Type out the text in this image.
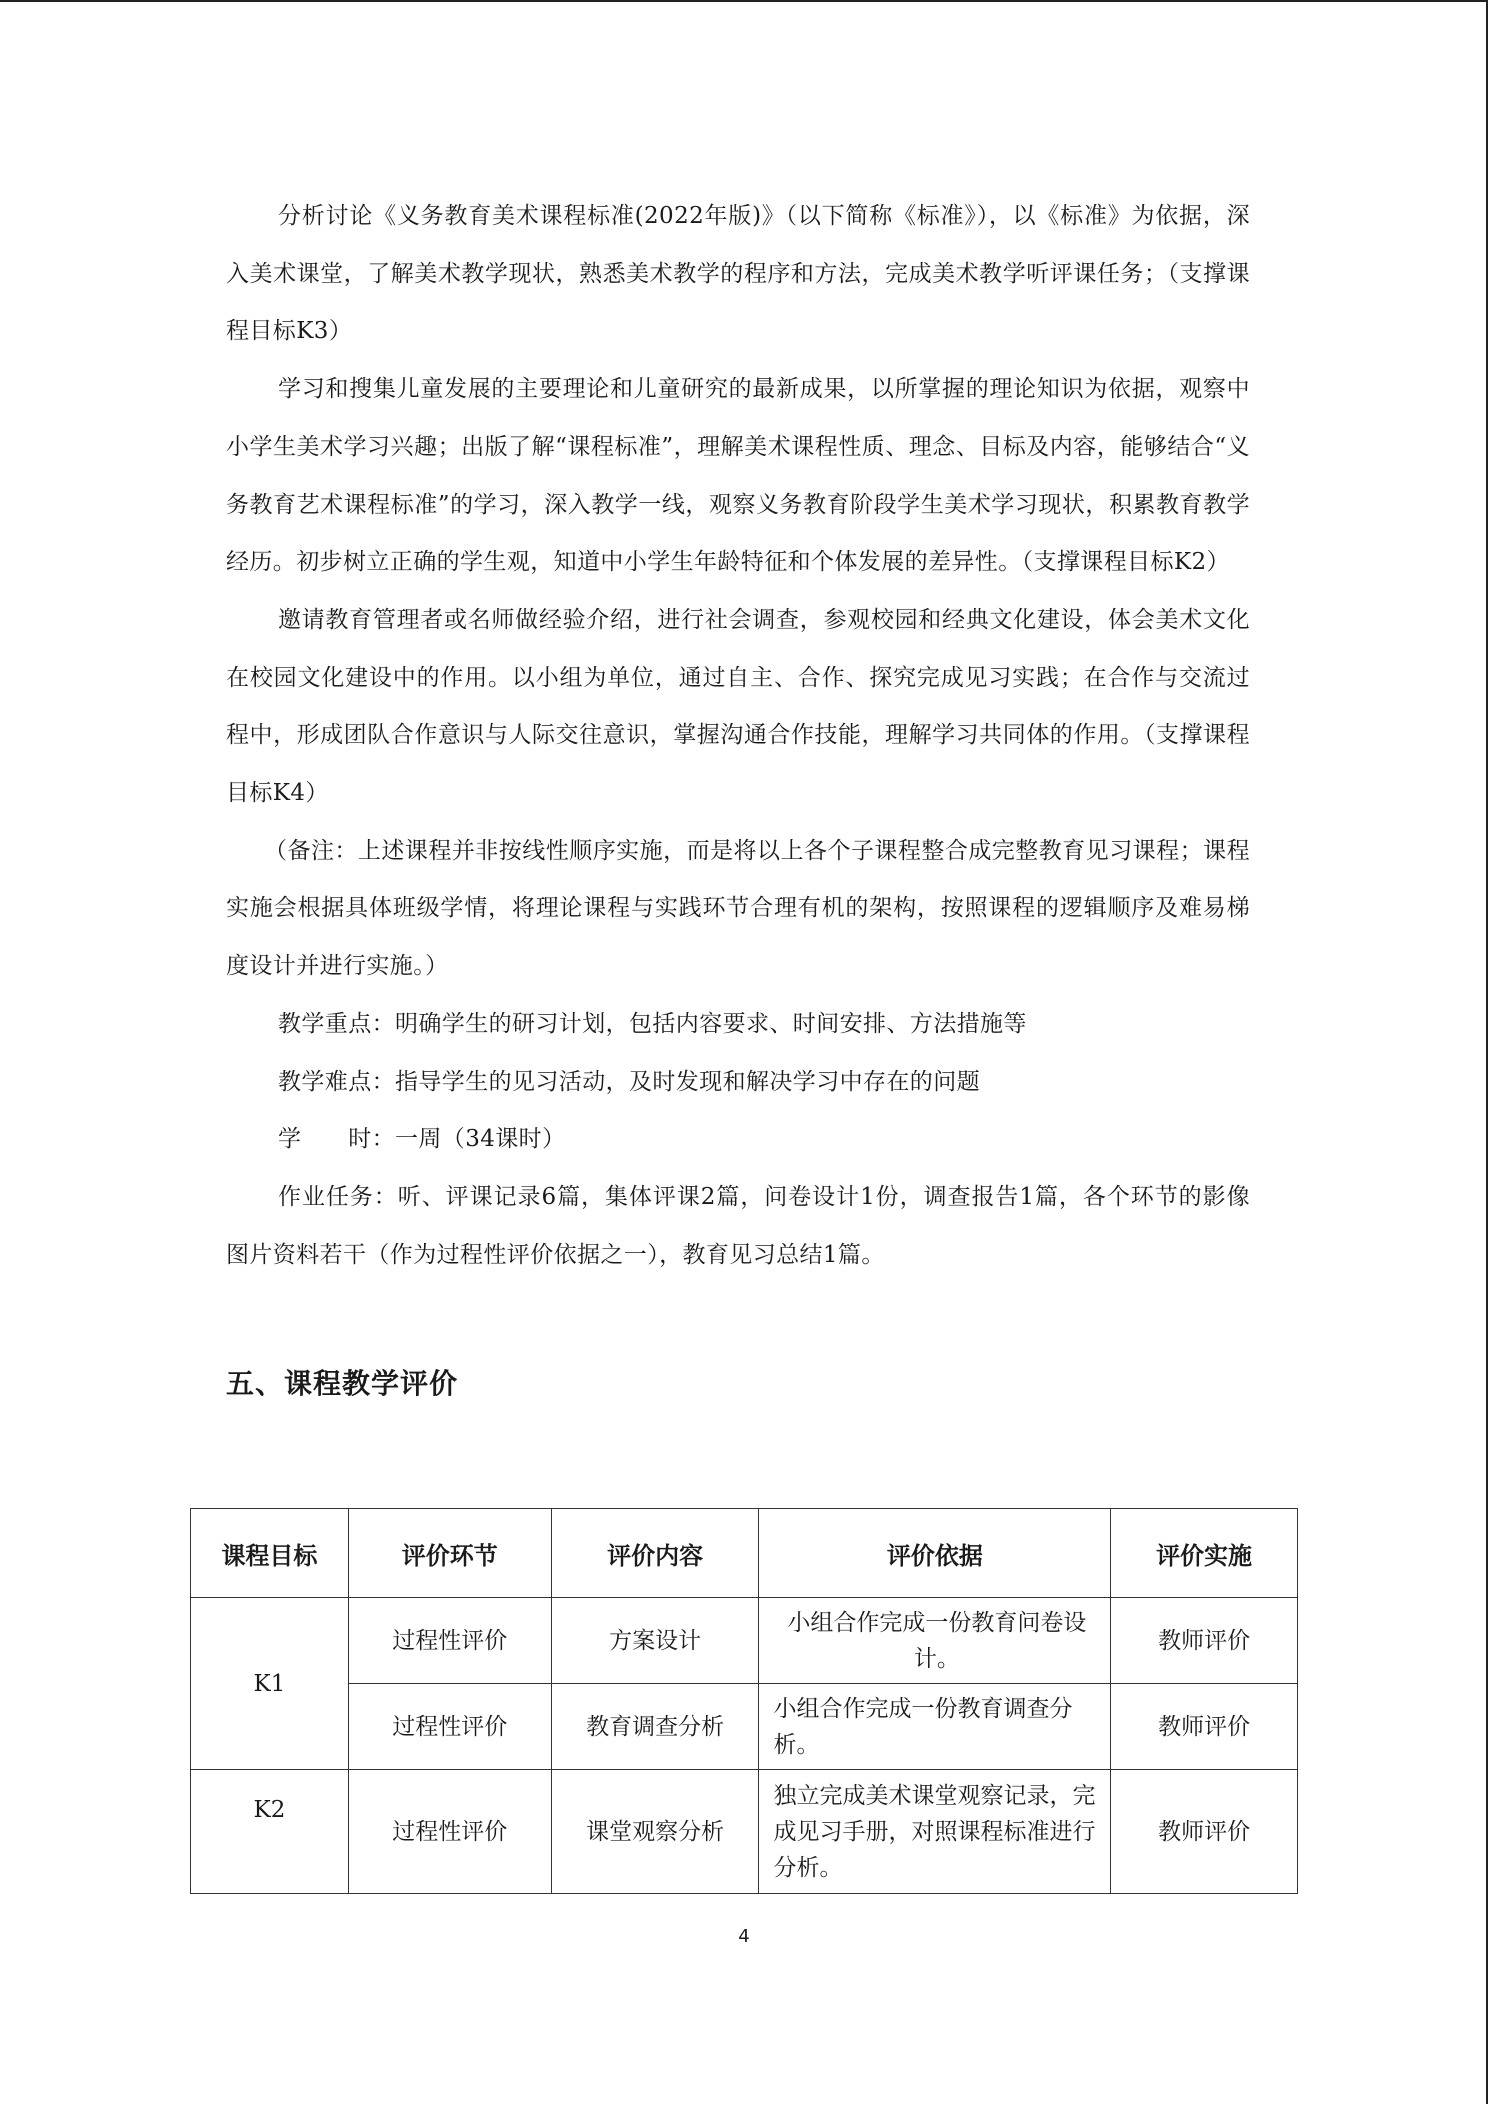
分析讨论《义务教育美术课程标准(2022年版)》（以下简称《标准》），以《标准》为依据，深入美术课堂，了解美术教学现状，熟悉美术教学的程序和方法，完成美术教学听评课任务；（支撑课程目标K3）

学习和搜集儿童发展的主要理论和儿童研究的最新成果，以所掌握的理论知识为依据，观察中小学生美术学习兴趣；出版了解“课程标准”，理解美术课程性质、理念、目标及内容，能够结合“义务教育艺术课程标准”的学习，深入教学一线，观察义务教育阶段学生美术学习现状，积累教育教学经历。初步树立正确的学生观，知道中小学生年龄特征和个体发展的差异性。（支撑课程目标K2）

邀请教育管理者或名师做经验介绍，进行社会调查，参观校园和经典文化建设，体会美术文化在校园文化建设中的作用。以小组为单位，通过自主、合作、探究完成见习实践；在合作与交流过程中，形成团队合作意识与人际交往意识，掌握沟通合作技能，理解学习共同体的作用。（支撑课程目标K4）

（备注：上述课程并非按线性顺序实施，而是将以上各个子课程整合成完整教育见习课程；课程实施会根据具体班级学情，将理论课程与实践环节合理有机的架构，按照课程的逻辑顺序及难易梯度设计并进行实施。）

教学重点：明确学生的研习计划，包括内容要求、时间安排、方法措施等

教学难点：指导学生的见习活动，及时发现和解决学习中存在的问题

学　　时：一周（34课时）

作业任务：听、评课记录6篇，集体评课2篇，问卷设计1份，调查报告1篇，各个环节的影像图片资料若干（作为过程性评价依据之一），教育见习总结1篇。

五、课程教学评价
课程目标	评价环节	评价内容	评价依据	评价实施
K1	过程性评价	方案设计	小组合作完成一份教育问卷设计。	教师评价
	过程性评价	教育调查分析	小组合作完成一份教育调查分析。	教师评价
K2	过程性评价	课堂观察分析	独立完成美术课堂观察记录，完成见习手册，对照课程标准进行分析。	教师评价
4
